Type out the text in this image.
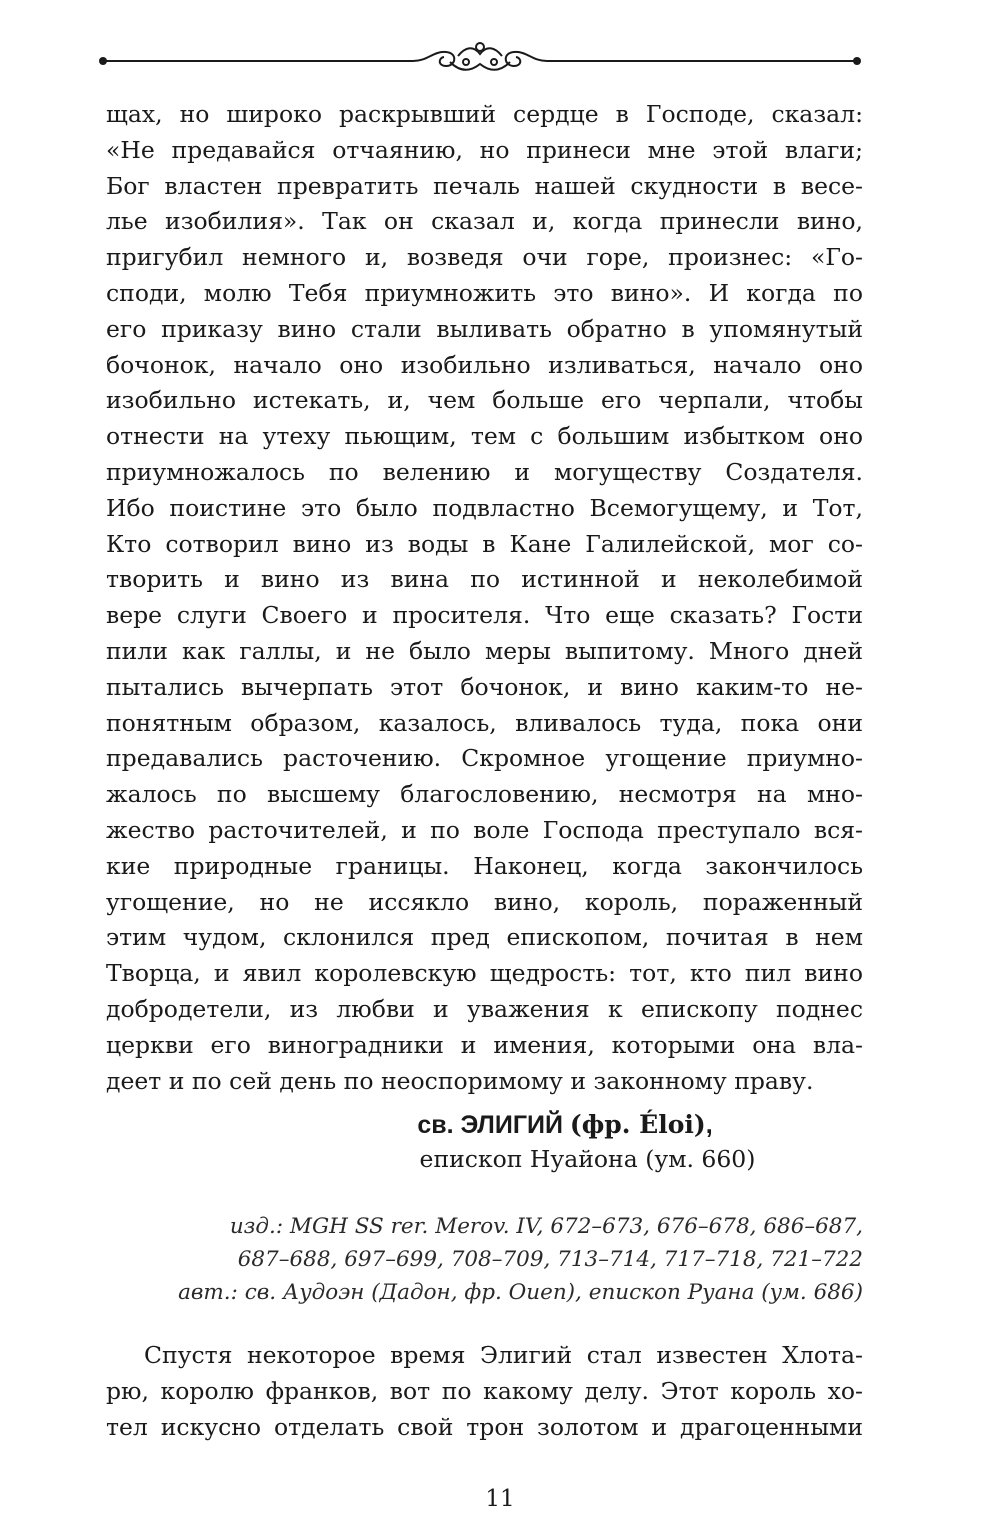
щах, но широко раскрывший сердце в Господе, сказал:
«Не предавайся отчаянию, но принеси мне этой влаги;
Бог властен превратить печаль нашей скудности в весе-
лье изобилия». Так он сказал и, когда принесли вино,
пригубил немного и, возведя очи горе, произнес: «Го-
споди, молю Тебя приумножить это вино». И когда по
его приказу вино стали выливать обратно в упомянутый
бочонок, начало оно изобильно изливаться, начало оно
изобильно истекать, и, чем больше его черпали, чтобы
отнести на утеху пьющим, тем с большим избытком оно
приумножалось по велению и могуществу Создателя.
Ибо поистине это было подвластно Всемогущему, и Тот,
Кто сотворил вино из воды в Кане Галилейской, мог со-
творить и вино из вина по истинной и неколебимой
вере слуги Своего и просителя. Что еще сказать? Гости
пили как галлы, и не было меры выпитому. Много дней
пытались вычерпать этот бочонок, и вино каким-то не-
понятным образом, казалось, вливалось туда, пока они
предавались расточению. Скромное угощение приумно-
жалось по высшему благословению, несмотря на мно-
жество расточителей, и по воле Господа преступало вся-
кие природные границы. Наконец, когда закончилось
угощение, но не иссякло вино, король, пораженный
этим чудом, склонился пред епископом, почитая в нем
Творца, и явил королевскую щедрость: тот, кто пил вино
добродетели, из любви и уважения к епископу поднес
церкви его виноградники и имения, которыми она вла-
деет и по сей день по неоспоримому и законному праву.
св. ЭЛИГИЙ (фр. Éloi),
епископ Нуайона (ум. 660)
изд.: MGH SS rer. Merov. IV, 672–673, 676–678, 686–687,
687–688, 697–699, 708–709, 713–714, 717–718, 721–722
авт.: св. Аудоэн (Дадон, фр. Ouen), епископ Руана (ум. 686)
Спустя некоторое время Элигий стал известен Хлота-
рю, королю франков, вот по какому делу. Этот король хо-
тел искусно отделать свой трон золотом и драгоценными
11
